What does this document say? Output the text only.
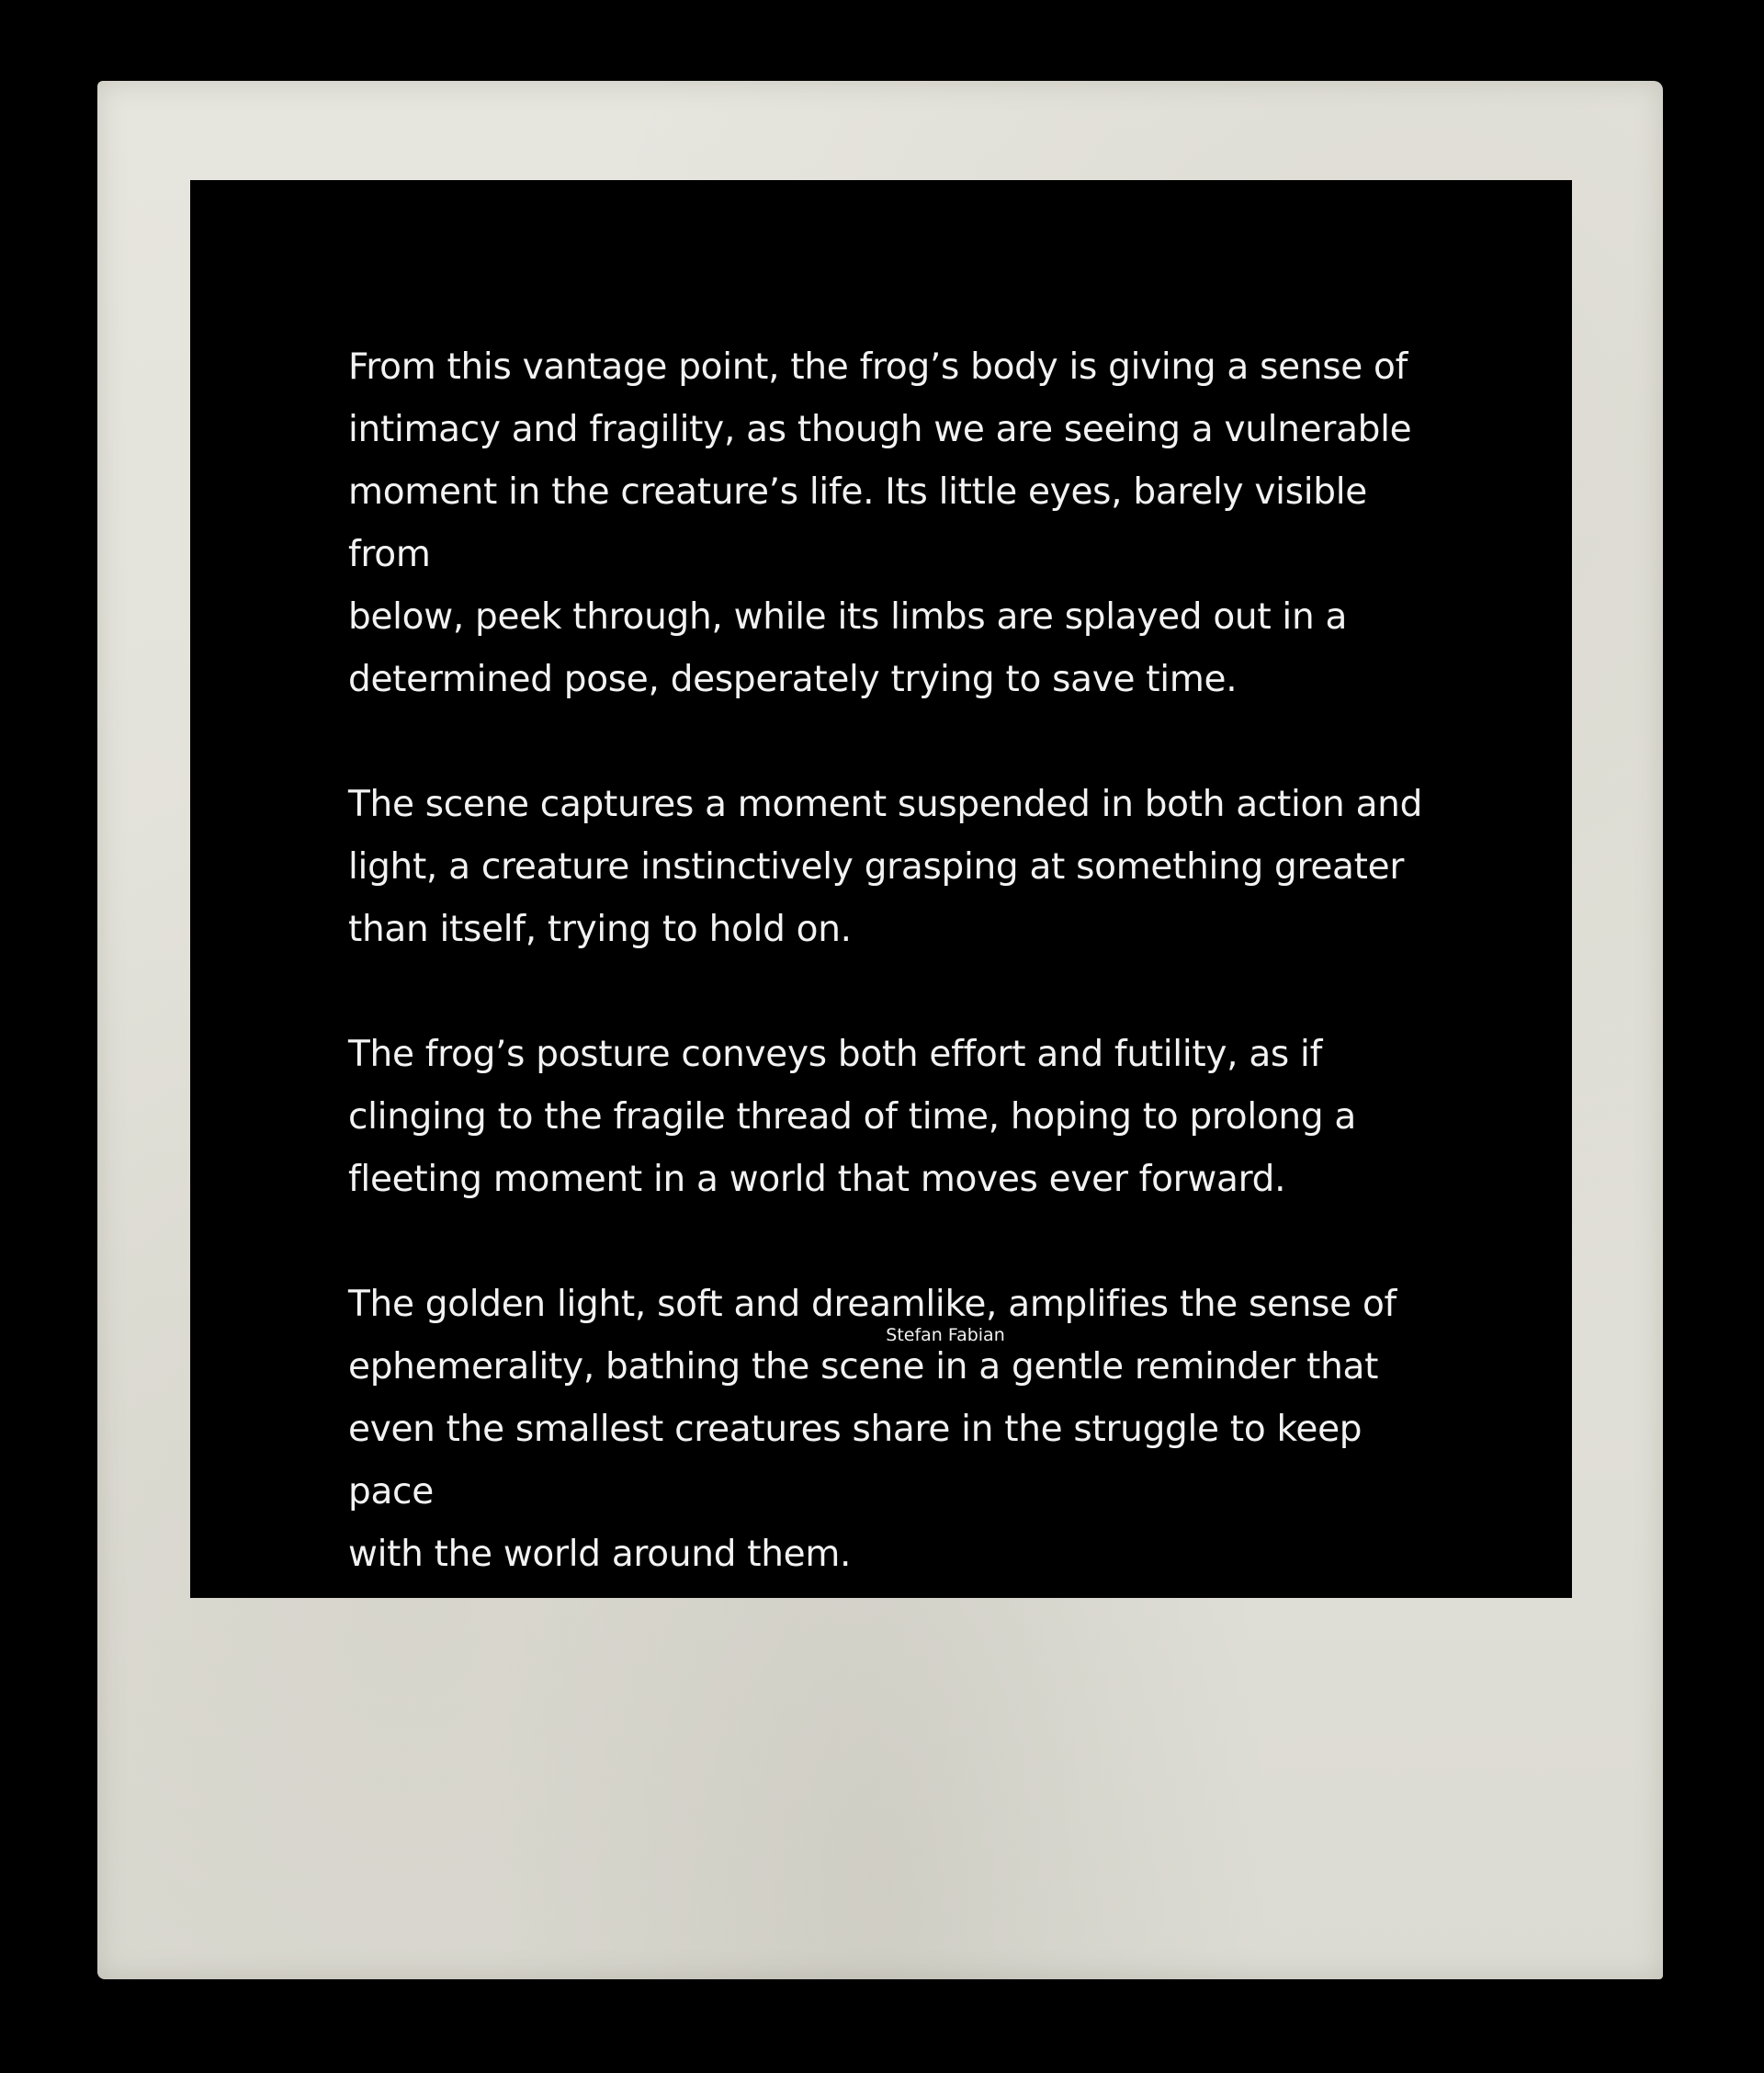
From this vantage point, the frog’s body is giving a sense of
intimacy and fragility, as though we are seeing a vulnerable
moment in the creature’s life. Its little eyes, barely visible from
below, peek through, while its limbs are splayed out in a
determined pose, desperately trying to save time.

The scene captures a moment suspended in both action and
light, a creature instinctively grasping at something greater
than itself, trying to hold on.

The frog’s posture conveys both effort and futility, as if
clinging to the fragile thread of time, hoping to prolong a
fleeting moment in a world that moves ever forward.

The golden light, soft and dreamlike, amplifies the sense of
ephemerality, bathing the scene in a gentle reminder that
even the smallest creatures share in the struggle to keep pace
with the world around them.

Stefan Fabian
